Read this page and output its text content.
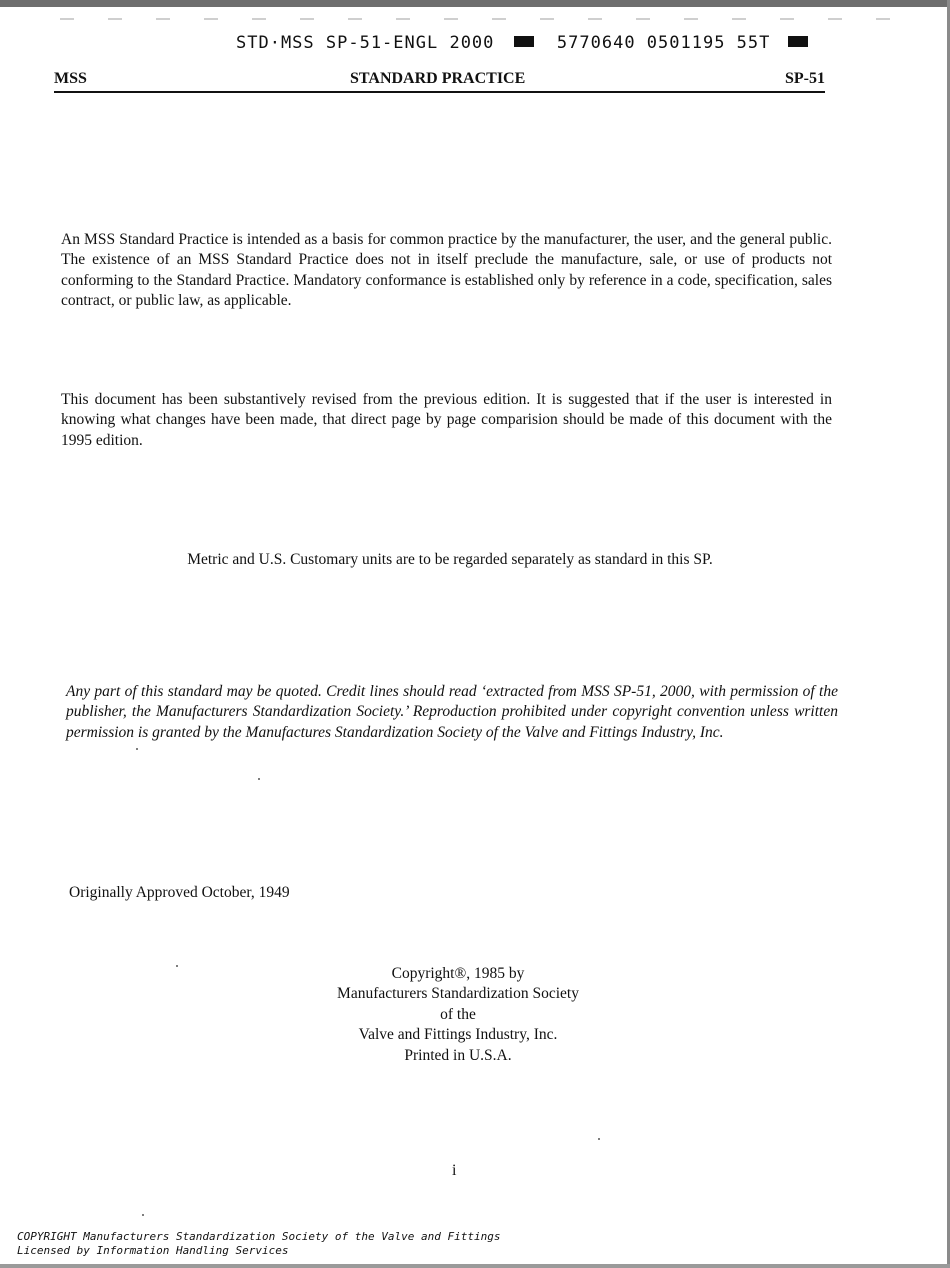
STD·MSS SP-51-ENGL 2000	5770640 0501195 55T
MSS	STANDARD PRACTICE	SP-51
An MSS Standard Practice is intended as a basis for common practice by the manufacturer, the user, and the general public. The existence of an MSS Standard Practice does not in itself preclude the manufacture, sale, or use of products not conforming to the Standard Practice. Mandatory conformance is established only by reference in a code, specification, sales contract, or public law, as applicable.
This document has been substantively revised from the previous edition. It is suggested that if the user is interested in knowing what changes have been made, that direct page by page comparision should be made of this document with the 1995 edition.
Metric and U.S. Customary units are to be regarded separately as standard in this SP.
Any part of this standard may be quoted. Credit lines should read ‘extracted from MSS SP-51, 2000, with permission of the publisher, the Manufacturers Standardization Society.’ Reproduction prohibited under copyright convention unless written permission is granted by the Manufactures Standardization Society of the Valve and Fittings Industry, Inc.
Originally Approved October, 1949
Copyright®, 1985 by
Manufacturers Standardization Society
of the
Valve and Fittings Industry, Inc.
Printed in U.S.A.
i
COPYRIGHT Manufacturers Standardization Society of the Valve and Fittings
Licensed by Information Handling Services
